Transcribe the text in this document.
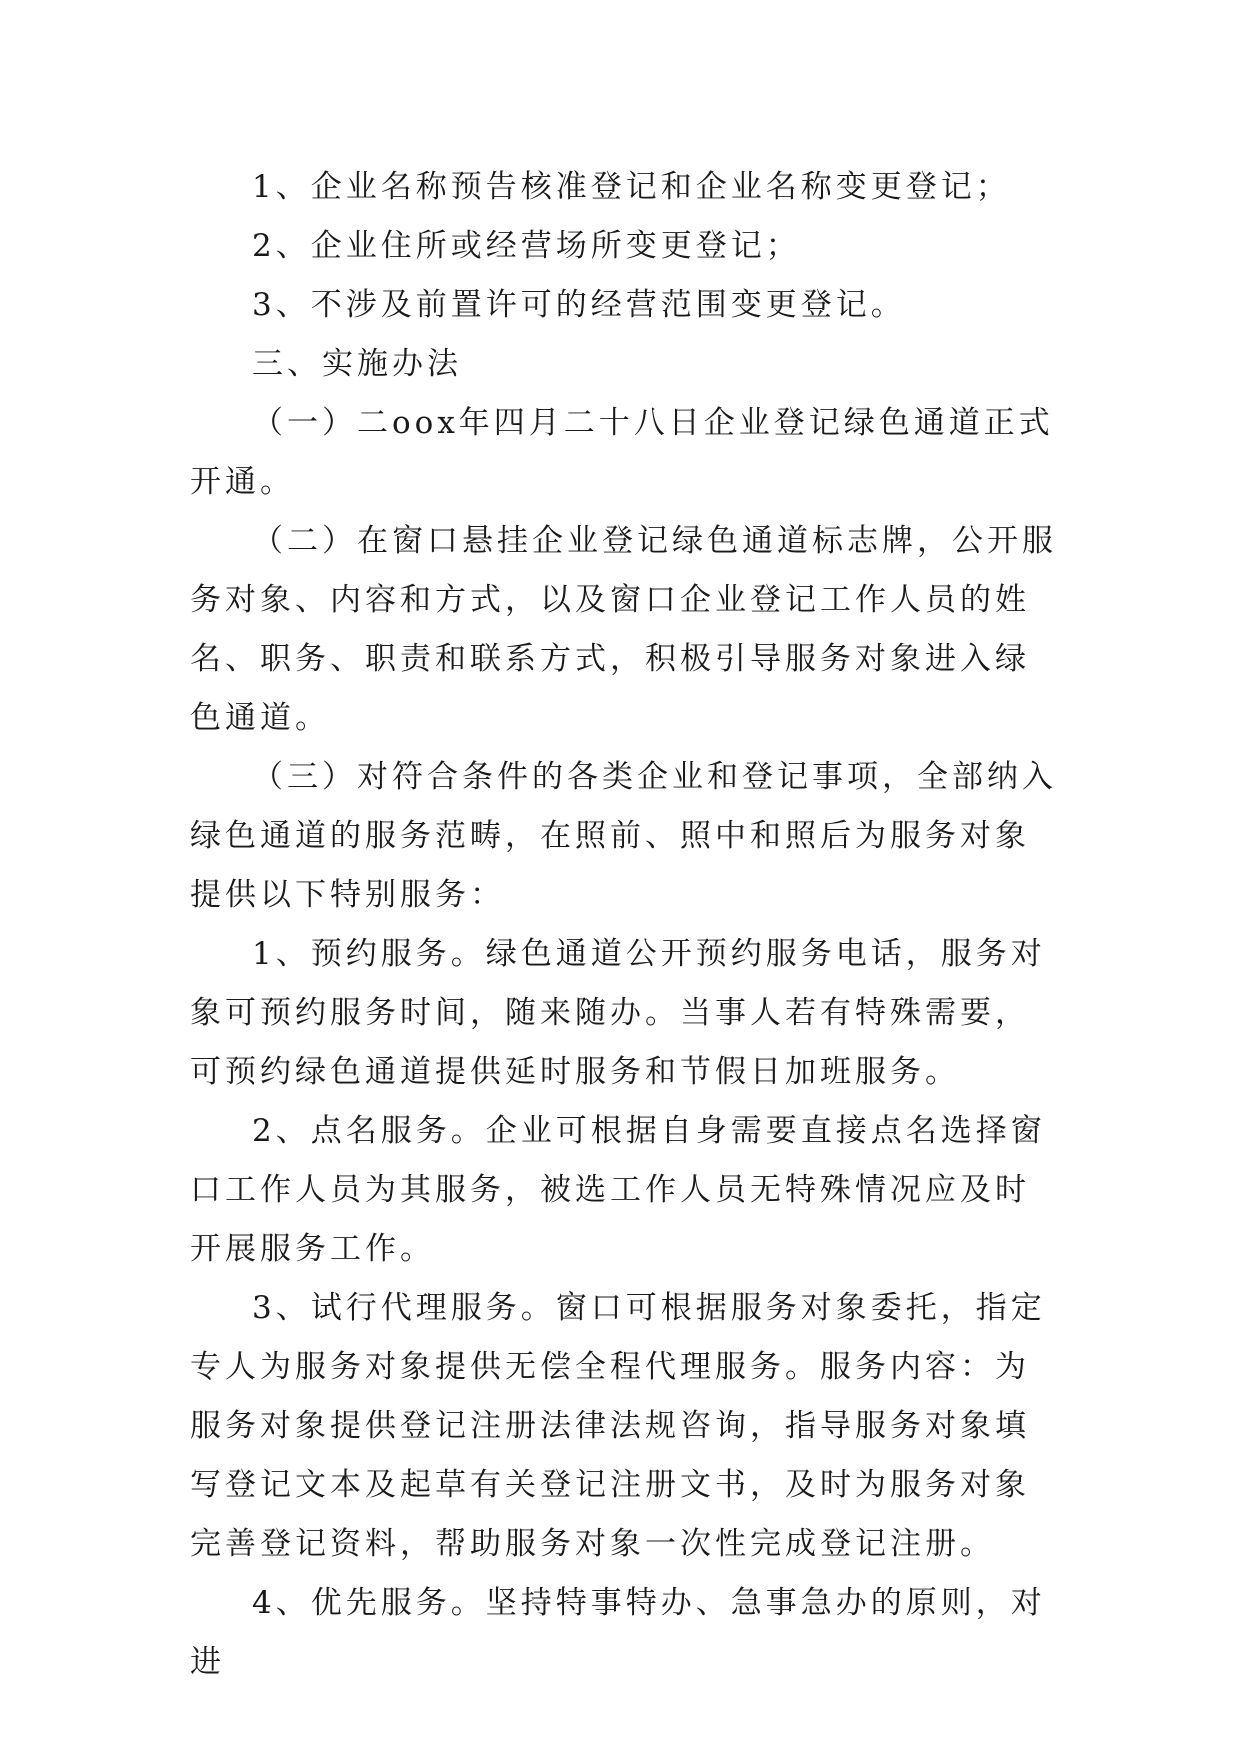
1、企业名称预告核准登记和企业名称变更登记；

2、企业住所或经营场所变更登记；

3、不涉及前置许可的经营范围变更登记。

三、实施办法

（一）二oox年四月二十八日企业登记绿色通道正式开通。

（二）在窗口悬挂企业登记绿色通道标志牌，公开服务对象、内容和方式，以及窗口企业登记工作人员的姓名、职务、职责和联系方式，积极引导服务对象进入绿色通道。

（三）对符合条件的各类企业和登记事项，全部纳入绿色通道的服务范畴，在照前、照中和照后为服务对象提供以下特别服务：

1、预约服务。绿色通道公开预约服务电话，服务对象可预约服务时间，随来随办。当事人若有特殊需要，可预约绿色通道提供延时服务和节假日加班服务。

2、点名服务。企业可根据自身需要直接点名选择窗口工作人员为其服务，被选工作人员无特殊情况应及时开展服务工作。

3、试行代理服务。窗口可根据服务对象委托，指定专人为服务对象提供无偿全程代理服务。服务内容：为服务对象提供登记注册法律法规咨询，指导服务对象填写登记文本及起草有关登记注册文书，及时为服务对象完善登记资料，帮助服务对象一次性完成登记注册。

4、优先服务。坚持特事特办、急事急办的原则，对进
